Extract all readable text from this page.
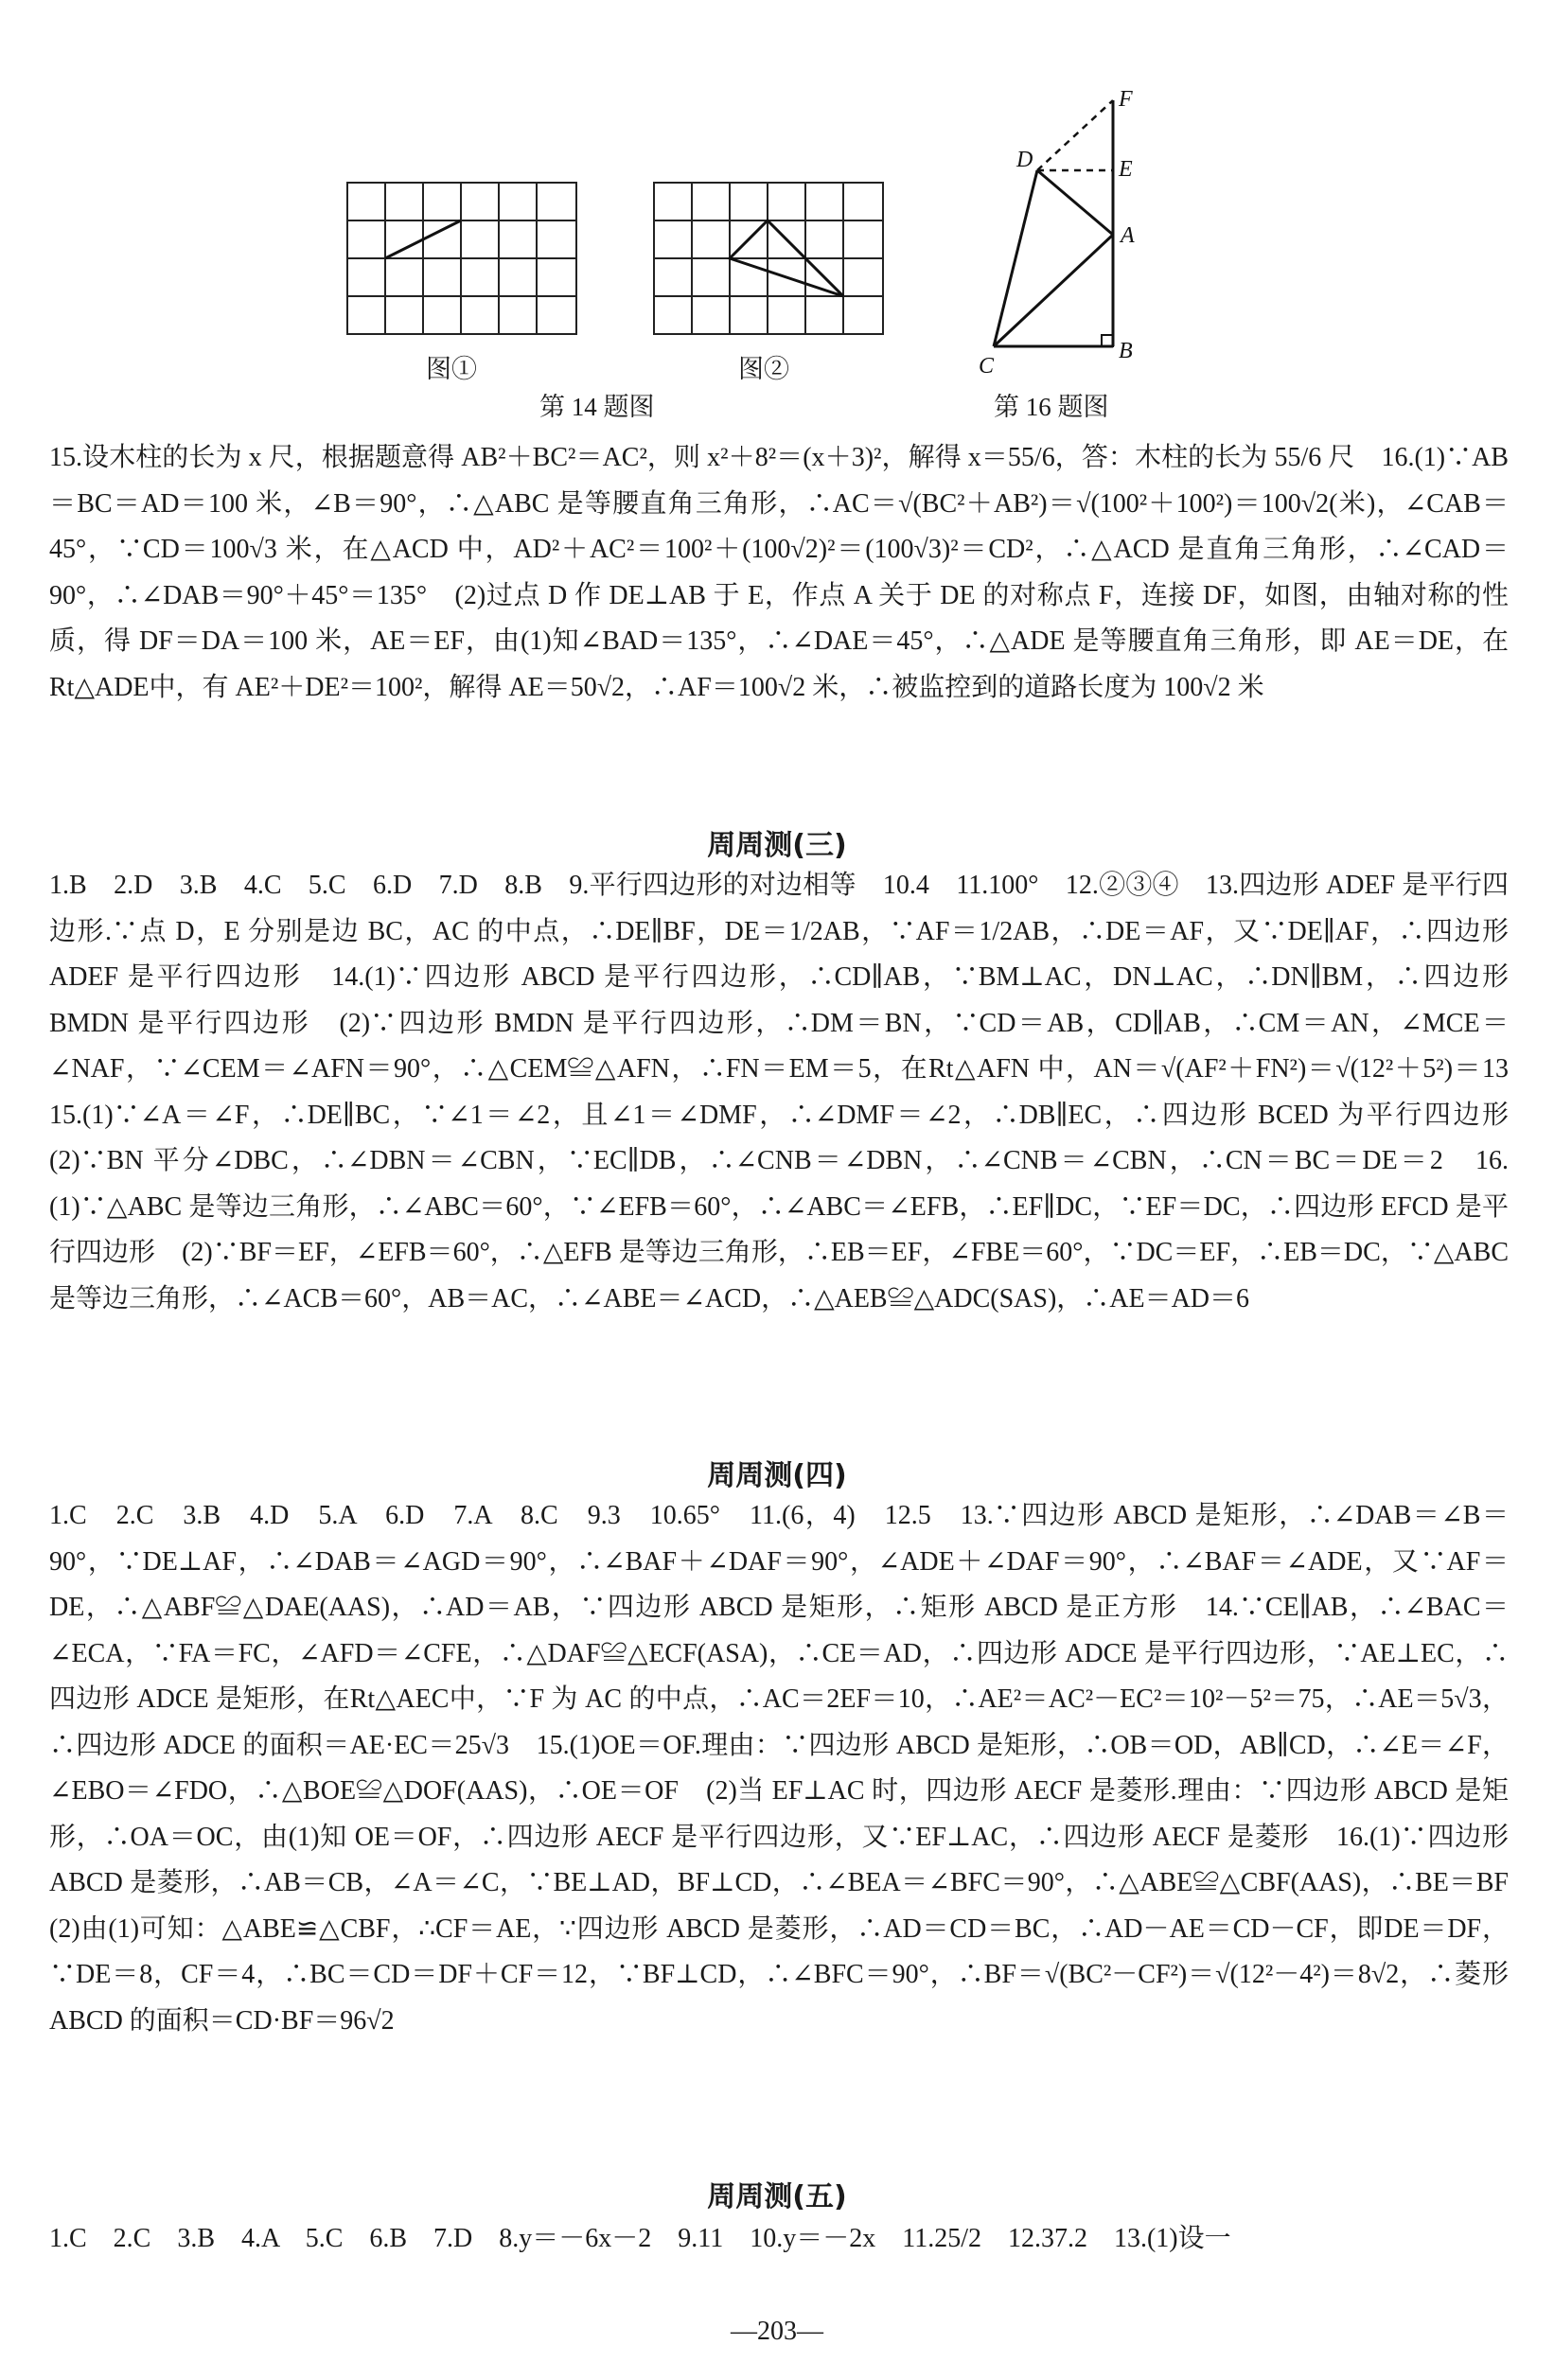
图①	图②
第 14 题图
F
D	E
A
C
B
第 16 题图

15.设木柱的长为 x 尺，根据题意得 AB²＋BC²＝AC²，则 x²＋8²＝(x＋3)²，解得 x＝55/6，答：木柱的长为 55/6 尺　16.(1)∵AB＝BC＝AD＝100 米，∠B＝90°，∴△ABC 是等腰直角三角形，∴AC＝√(BC²＋AB²)＝√(100²＋100²)＝100√2(米)，∠CAB＝45°，∵CD＝100√3 米，在△ACD 中，AD²＋AC²＝100²＋(100√2)²＝(100√3)²＝CD²，∴△ACD 是直角三角形，∴∠CAD＝90°，∴∠DAB＝90°＋45°＝135°　(2)过点 D 作 DE⊥AB 于 E，作点 A 关于 DE 的对称点 F，连接 DF，如图，由轴对称的性质，得 DF＝DA＝100 米，AE＝EF，由(1)知∠BAD＝135°，∴∠DAE＝45°，∴△ADE 是等腰直角三角形，即 AE＝DE，在Rt△ADE中，有 AE²＋DE²＝100²，解得 AE＝50√2，∴AF＝100√2 米，∴被监控到的道路长度为 100√2 米

周周测(三)

1.B　2.D　3.B　4.C　5.C　6.D　7.D　8.B　9.平行四边形的对边相等　10.4　11.100°　12.②③④　13.四边形 ADEF 是平行四边形.∵点 D，E 分别是边 BC，AC 的中点，∴DE∥BF，DE＝1/2AB，∵AF＝1/2AB，∴DE＝AF，又∵DE∥AF，∴四边形 ADEF 是平行四边形　14.(1)∵四边形 ABCD 是平行四边形，∴CD∥AB，∵BM⊥AC，DN⊥AC，∴DN∥BM，∴四边形 BMDN 是平行四边形　(2)∵四边形 BMDN 是平行四边形，∴DM＝BN，∵CD＝AB，CD∥AB，∴CM＝AN，∠MCE＝∠NAF，∵∠CEM＝∠AFN＝90°，∴△CEM≌△AFN，∴FN＝EM＝5，在Rt△AFN 中，AN＝√(AF²＋FN²)＝√(12²＋5²)＝13　15.(1)∵∠A＝∠F，∴DE∥BC，∵∠1＝∠2，且∠1＝∠DMF，∴∠DMF＝∠2，∴DB∥EC，∴四边形 BCED 为平行四边形　(2)∵BN 平分∠DBC，∴∠DBN＝∠CBN，∵EC∥DB，∴∠CNB＝∠DBN，∴∠CNB＝∠CBN，∴CN＝BC＝DE＝2　16.(1)∵△ABC 是等边三角形，∴∠ABC＝60°，∵∠EFB＝60°，∴∠ABC＝∠EFB，∴EF∥DC，∵EF＝DC，∴四边形 EFCD 是平行四边形　(2)∵BF＝EF，∠EFB＝60°，∴△EFB 是等边三角形，∴EB＝EF，∠FBE＝60°，∵DC＝EF，∴EB＝DC，∵△ABC 是等边三角形，∴∠ACB＝60°，AB＝AC，∴∠ABE＝∠ACD，∴△AEB≌△ADC(SAS)，∴AE＝AD＝6

周周测(四)

1.C　2.C　3.B　4.D　5.A　6.D　7.A　8.C　9.3　10.65°　11.(6，4)　12.5　13.∵四边形 ABCD 是矩形，∴∠DAB＝∠B＝90°，∵DE⊥AF，∴∠DAB＝∠AGD＝90°，∴∠BAF＋∠DAF＝90°，∠ADE＋∠DAF＝90°，∴∠BAF＝∠ADE，又∵AF＝DE，∴△ABF≌△DAE(AAS)，∴AD＝AB，∵四边形 ABCD 是矩形，∴矩形 ABCD 是正方形　14.∵CE∥AB，∴∠BAC＝∠ECA，∵FA＝FC，∠AFD＝∠CFE，∴△DAF≌△ECF(ASA)，∴CE＝AD，∴四边形 ADCE 是平行四边形，∵AE⊥EC，∴四边形 ADCE 是矩形，在Rt△AEC中，∵F 为 AC 的中点，∴AC＝2EF＝10，∴AE²＝AC²－EC²＝10²－5²＝75，∴AE＝5√3，∴四边形 ADCE 的面积＝AE·EC＝25√3　15.(1)OE＝OF.理由：∵四边形 ABCD 是矩形，∴OB＝OD，AB∥CD，∴∠E＝∠F，∠EBO＝∠FDO，∴△BOE≌△DOF(AAS)，∴OE＝OF　(2)当 EF⊥AC 时，四边形 AECF 是菱形.理由：∵四边形 ABCD 是矩形，∴OA＝OC，由(1)知 OE＝OF，∴四边形 AECF 是平行四边形，又∵EF⊥AC，∴四边形 AECF 是菱形　16.(1)∵四边形 ABCD 是菱形，∴AB＝CB，∠A＝∠C，∵BE⊥AD，BF⊥CD，∴∠BEA＝∠BFC＝90°，∴△ABE≌△CBF(AAS)，∴BE＝BF　(2)由(1)可知：△ABE≌△CBF，∴CF＝AE，∵四边形 ABCD 是菱形，∴AD＝CD＝BC，∴AD－AE＝CD－CF，即DE＝DF，∵DE＝8，CF＝4，∴BC＝CD＝DF＋CF＝12，∵BF⊥CD，∴∠BFC＝90°，∴BF＝√(BC²－CF²)＝√(12²－4²)＝8√2，∴菱形 ABCD 的面积＝CD·BF＝96√2

周周测(五)

1.C　2.C　3.B　4.A　5.C　6.B　7.D　8.y＝－6x－2　9.11　10.y＝－2x　11.25/2　12.37.2　13.(1)设一

—203—
